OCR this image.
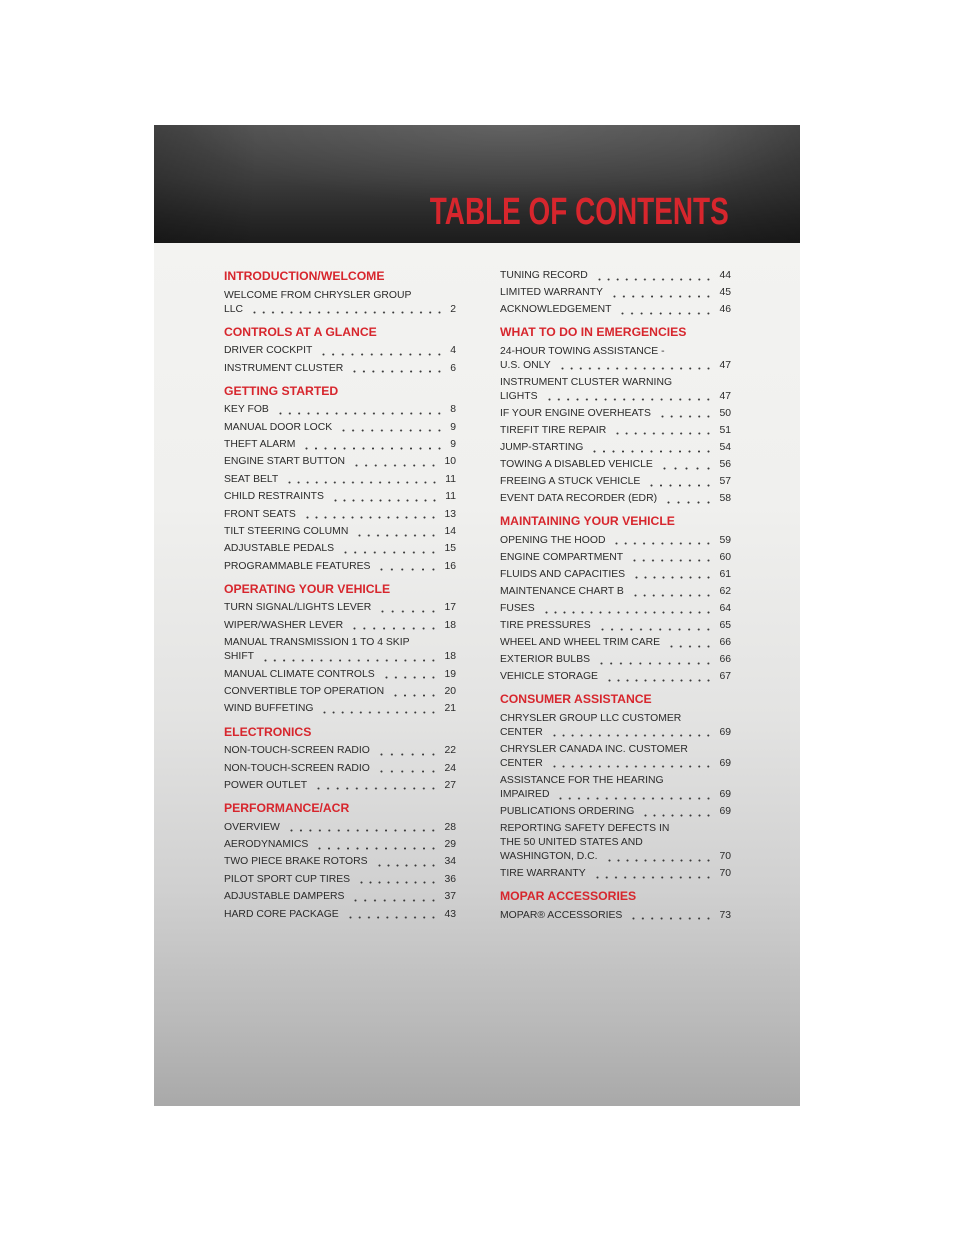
TABLE OF CONTENTS
INTRODUCTION/WELCOME
WELCOME FROM CHRYSLER GROUP
LLC	2
CONTROLS AT A GLANCE
DRIVER COCKPIT	4
INSTRUMENT CLUSTER	6
GETTING STARTED
KEY FOB	8
MANUAL DOOR LOCK	9
THEFT ALARM	9
ENGINE START BUTTON	10
SEAT BELT	11
CHILD RESTRAINTS	11
FRONT SEATS	13
TILT STEERING COLUMN	14
ADJUSTABLE PEDALS	15
PROGRAMMABLE FEATURES	16
OPERATING YOUR VEHICLE
TURN SIGNAL/LIGHTS LEVER	17
WIPER/WASHER LEVER	18
MANUAL TRANSMISSION 1 TO 4 SKIP
SHIFT	18
MANUAL CLIMATE CONTROLS	19
CONVERTIBLE TOP OPERATION	20
WIND BUFFETING	21
ELECTRONICS
NON-TOUCH-SCREEN RADIO	22
NON-TOUCH-SCREEN RADIO	24
POWER OUTLET	27
PERFORMANCE/ACR
OVERVIEW	28
AERODYNAMICS	29
TWO PIECE BRAKE ROTORS	34
PILOT SPORT CUP TIRES	36
ADJUSTABLE DAMPERS	37
HARD CORE PACKAGE	43
TUNING RECORD	44
LIMITED WARRANTY	45
ACKNOWLEDGEMENT	46
WHAT TO DO IN EMERGENCIES
24-HOUR TOWING ASSISTANCE -
U.S. ONLY	47
INSTRUMENT CLUSTER WARNING
LIGHTS	47
IF YOUR ENGINE OVERHEATS	50
TIREFIT TIRE REPAIR	51
JUMP-STARTING	54
TOWING A DISABLED VEHICLE	56
FREEING A STUCK VEHICLE	57
EVENT DATA RECORDER (EDR)	58
MAINTAINING YOUR VEHICLE
OPENING THE HOOD	59
ENGINE COMPARTMENT	60
FLUIDS AND CAPACITIES	61
MAINTENANCE CHART B	62
FUSES	64
TIRE PRESSURES	65
WHEEL AND WHEEL TRIM CARE	66
EXTERIOR BULBS	66
VEHICLE STORAGE	67
CONSUMER ASSISTANCE
CHRYSLER GROUP LLC CUSTOMER
CENTER	69
CHRYSLER CANADA INC. CUSTOMER
CENTER	69
ASSISTANCE FOR THE HEARING
IMPAIRED	69
PUBLICATIONS ORDERING	69
REPORTING SAFETY DEFECTS IN
THE 50 UNITED STATES AND
WASHINGTON, D.C.	70
TIRE WARRANTY	70
MOPAR ACCESSORIES
MOPAR® ACCESSORIES	73
